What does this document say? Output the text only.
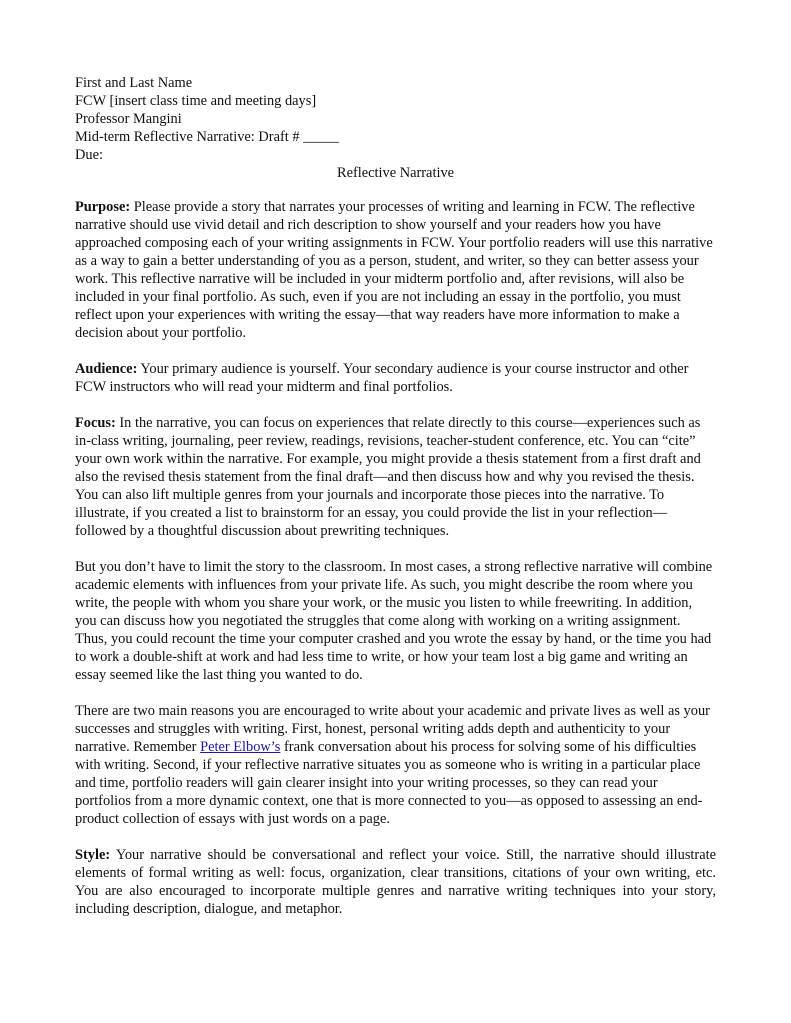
First and Last Name
FCW [insert class time and meeting days]
Professor Mangini
Mid-term Reflective Narrative: Draft # _____
Due:
Reflective Narrative

Purpose: Please provide a story that narrates your processes of writing and learning in FCW. The reflective narrative should use vivid detail and rich description to show yourself and your readers how you have approached composing each of your writing assignments in FCW. Your portfolio readers will use this narrative as a way to gain a better understanding of you as a person, student, and writer, so they can better assess your work. This reflective narrative will be included in your midterm portfolio and, after revisions, will also be included in your final portfolio. As such, even if you are not including an essay in the portfolio, you must reflect upon your experiences with writing the essay—that way readers have more information to make a decision about your portfolio.

Audience: Your primary audience is yourself. Your secondary audience is your course instructor and other FCW instructors who will read your midterm and final portfolios.

Focus: In the narrative, you can focus on experiences that relate directly to this course—experiences such as in-class writing, journaling, peer review, readings, revisions, teacher-student conference, etc. You can “cite” your own work within the narrative. For example, you might provide a thesis statement from a first draft and also the revised thesis statement from the final draft—and then discuss how and why you revised the thesis. You can also lift multiple genres from your journals and incorporate those pieces into the narrative. To illustrate, if you created a list to brainstorm for an essay, you could provide the list in your reflection—followed by a thoughtful discussion about prewriting techniques.

But you don’t have to limit the story to the classroom. In most cases, a strong reflective narrative will combine academic elements with influences from your private life. As such, you might describe the room where you write, the people with whom you share your work, or the music you listen to while freewriting. In addition, you can discuss how you negotiated the struggles that come along with working on a writing assignment. Thus, you could recount the time your computer crashed and you wrote the essay by hand, or the time you had to work a double-shift at work and had less time to write, or how your team lost a big game and writing an essay seemed like the last thing you wanted to do.

There are two main reasons you are encouraged to write about your academic and private lives as well as your successes and struggles with writing. First, honest, personal writing adds depth and authenticity to your narrative. Remember Peter Elbow’s frank conversation about his process for solving some of his difficulties with writing. Second, if your reflective narrative situates you as someone who is writing in a particular place and time, portfolio readers will gain clearer insight into your writing processes, so they can read your portfolios from a more dynamic context, one that is more connected to you—as opposed to assessing an end-product collection of essays with just words on a page.

Style: Your narrative should be conversational and reflect your voice. Still, the narrative should illustrate elements of formal writing as well: focus, organization, clear transitions, citations of your own writing, etc. You are also encouraged to incorporate multiple genres and narrative writing techniques into your story, including description, dialogue, and metaphor.
